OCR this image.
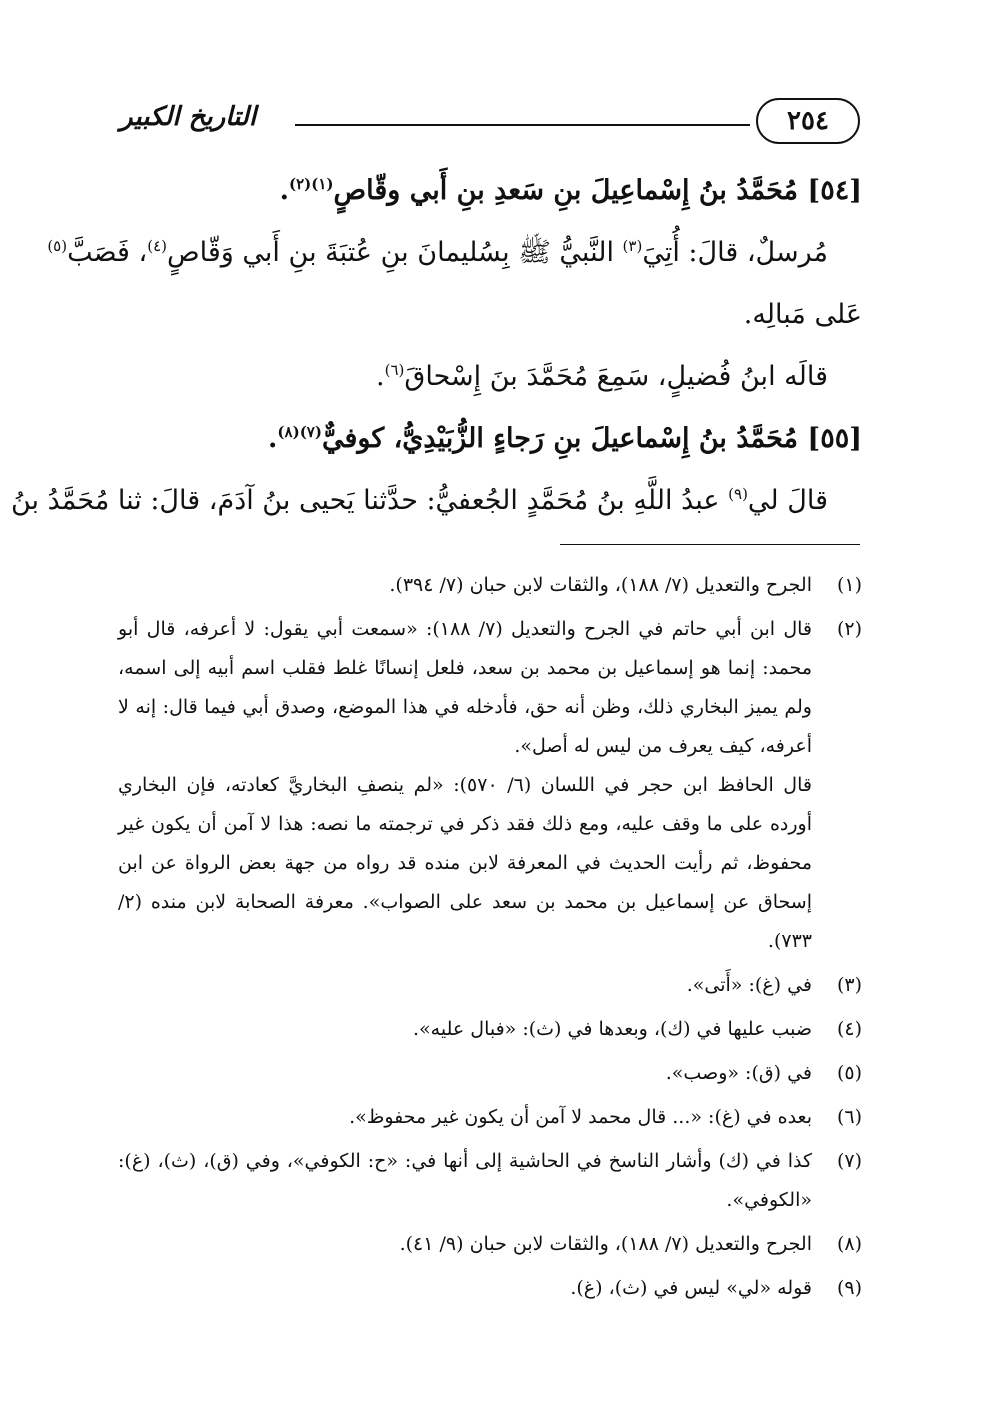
٢٥٤
التاريخ الكبير
[٥٤] مُحَمَّدُ بنُ إِسْماعِيلَ بنِ سَعدِ بنِ أَبي وقّاصٍ$^{(١)(٢)}$.
مُرسلٌ، قالَ: أُتِيَ$^{(٣)}$ النَّبيُّ ﷺ بِسُليمانَ بنِ عُتبَةَ بنِ أَبي وَقّاصٍ$^{(٤)}$، فَصَبَّ$^{(٥)}$
عَلى مَبالِه.
قالَه ابنُ فُضيلٍ، سَمِعَ مُحَمَّدَ بنَ إِسْحاقَ$^{(٦)}$.
[٥٥] مُحَمَّدُ بنُ إِسْماعيلَ بنِ رَجاءٍ الزُّبَيْدِيُّ، كوفيٌّ$^{(٧)(٨)}$.
قالَ لي$^{(٩)}$ عبدُ اللَّهِ بنُ مُحَمَّدٍ الجُعفيُّ: حدَّثنا يَحيى بنُ آدَمَ، قالَ: ثنا مُحَمَّدُ بنُ
(١)

الجرح والتعديل (٧/ ١٨٨)، والثقات لابن حبان (٧/ ٣٩٤).

(٢)

قال ابن أبي حاتم في الجرح والتعديل (٧/ ١٨٨): «سمعت أبي يقول: لا أعرفه، قال أبو محمد: إنما هو إسماعيل بن محمد بن سعد، فلعل إنسانًا غلط فقلب اسم أبيه إلى اسمه، ولم يميز البخاري ذلك، وظن أنه حق، فأدخله في هذا الموضع، وصدق أبي فيما قال: إنه لا أعرفه، كيف يعرف من ليس له أصل».

قال الحافظ ابن حجر في اللسان (٦/ ٥٧٠): «لم ينصفِ البخاريَّ كعادته، فإن البخاري أورده على ما وقف عليه، ومع ذلك فقد ذكر في ترجمته ما نصه: هذا لا آمن أن يكون غير محفوظ، ثم رأيت الحديث في المعرفة لابن منده قد رواه من جهة بعض الرواة عن ابن إسحاق عن إسماعيل بن محمد بن سعد على الصواب». معرفة الصحابة لابن منده (٢/ ٧٣٣).

(٣)

في (غ): «أَتى».

(٤)

ضبب عليها في (ك)، وبعدها في (ث): «فبال عليه».

(٥)

في (ق): «وصب».

(٦)

بعده في (غ): «... قال محمد لا آمن أن يكون غير محفوظ».

(٧)

كذا في (ك) وأشار الناسخ في الحاشية إلى أنها في: «ح: الكوفي»، وفي (ق)، (ث)، (غ): «الكوفي».

(٨)

الجرح والتعديل (٧/ ١٨٨)، والثقات لابن حبان (٩/ ٤١).

(٩)

قوله «لي» ليس في (ث)، (غ).
